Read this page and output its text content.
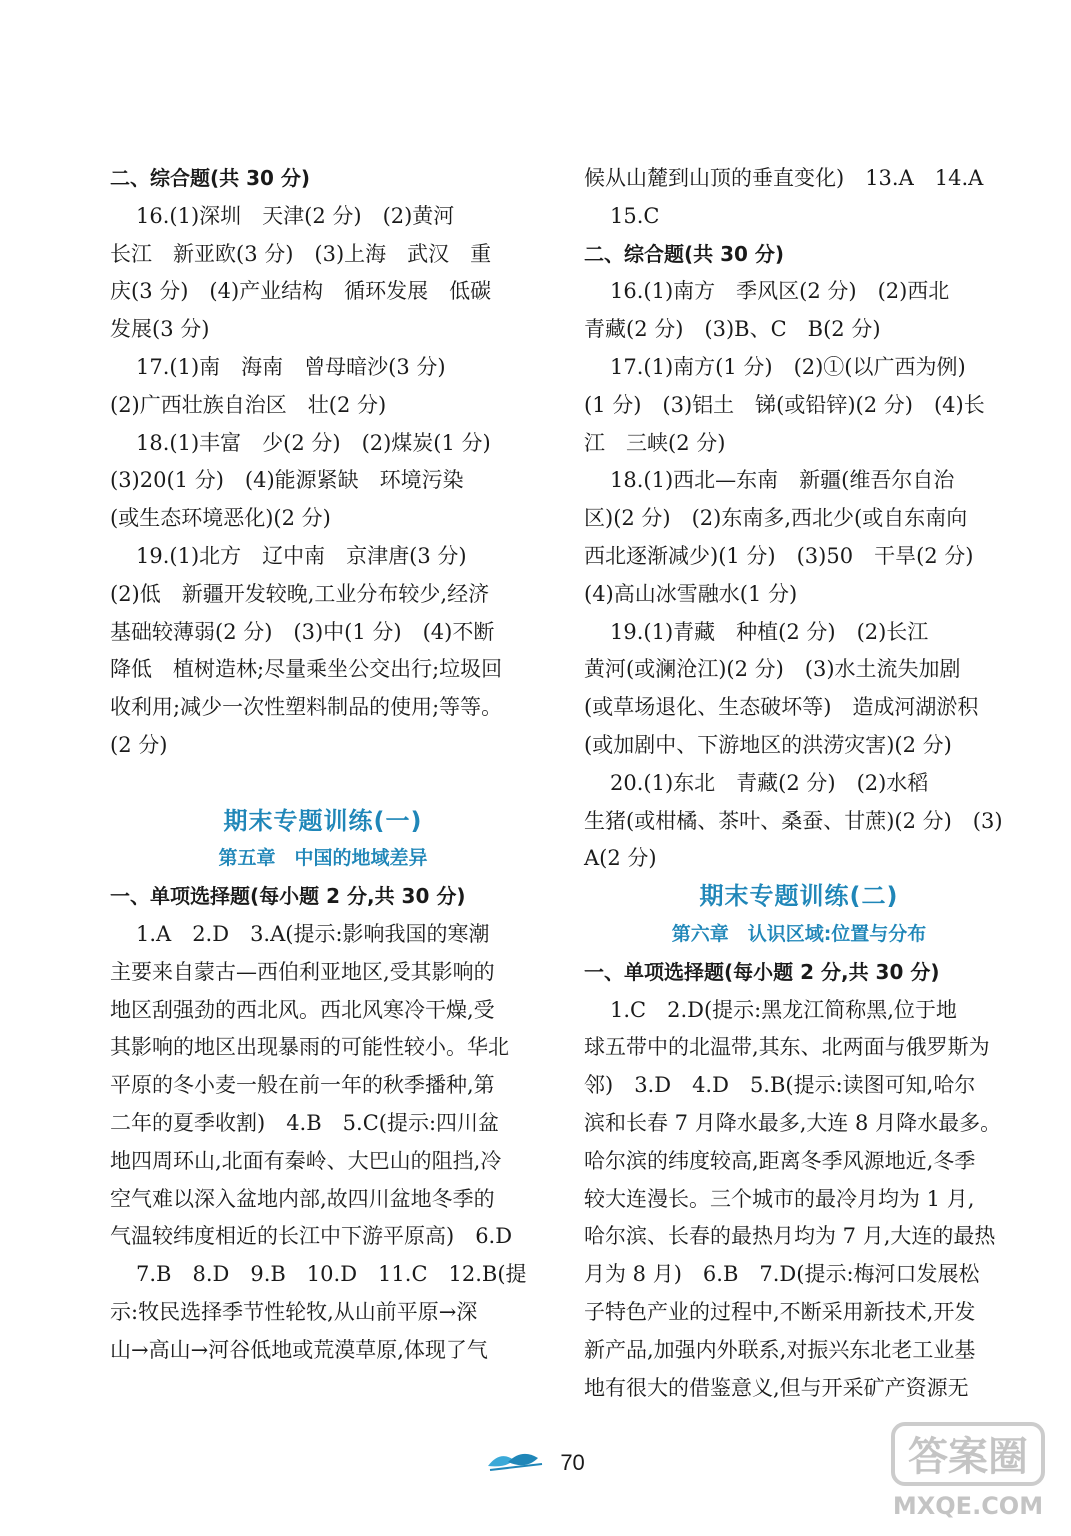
二、综合题(共 30 分)
16.(1)深圳　天津(2 分)　(2)黄河
长江　新亚欧(3 分)　(3)上海　武汉　重
庆(3 分)　(4)产业结构　循环发展　低碳
发展(3 分)
17.(1)南　海南　曾母暗沙(3 分)
(2)广西壮族自治区　壮(2 分)
18.(1)丰富　少(2 分)　(2)煤炭(1 分)
(3)20(1 分)　(4)能源紧缺　环境污染
(或生态环境恶化)(2 分)
19.(1)北方　辽中南　京津唐(3 分)
(2)低　新疆开发较晚,工业分布较少,经济
基础较薄弱(2 分)　(3)中(1 分)　(4)不断
降低　植树造林;尽量乘坐公交出行;垃圾回
收利用;减少一次性塑料制品的使用;等等。
(2 分)
期末专题训练(一)
第五章　中国的地域差异
一、单项选择题(每小题 2 分,共 30 分)
1.A　2.D　3.A(提示:影响我国的寒潮
主要来自蒙古—西伯利亚地区,受其影响的
地区刮强劲的西北风。西北风寒冷干燥,受
其影响的地区出现暴雨的可能性较小。华北
平原的冬小麦一般在前一年的秋季播种,第
二年的夏季收割)　4.B　5.C(提示:四川盆
地四周环山,北面有秦岭、大巴山的阻挡,冷
空气难以深入盆地内部,故四川盆地冬季的
气温较纬度相近的长江中下游平原高)　6.D
7.B　8.D　9.B　10.D　11.C　12.B(提
示:牧民选择季节性轮牧,从山前平原→深
山→高山→河谷低地或荒漠草原,体现了气
候从山麓到山顶的垂直变化)　13.A　14.A
15.C
二、综合题(共 30 分)
16.(1)南方　季风区(2 分)　(2)西北
青藏(2 分)　(3)B、C　B(2 分)
17.(1)南方(1 分)　(2)①(以广西为例)
(1 分)　(3)铝土　锑(或铅锌)(2 分)　(4)长
江　三峡(2 分)
18.(1)西北—东南　新疆(维吾尔自治
区)(2 分)　(2)东南多,西北少(或自东南向
西北逐渐减少)(1 分)　(3)50　干旱(2 分)
(4)高山冰雪融水(1 分)
19.(1)青藏　种植(2 分)　(2)长江
黄河(或澜沧江)(2 分)　(3)水土流失加剧
(或草场退化、生态破坏等)　造成河湖淤积
(或加剧中、下游地区的洪涝灾害)(2 分)
20.(1)东北　青藏(2 分)　(2)水稻
生猪(或柑橘、茶叶、桑蚕、甘蔗)(2 分)　(3)
A(2 分)
期末专题训练(二)
第六章　认识区域:位置与分布
一、单项选择题(每小题 2 分,共 30 分)
1.C　2.D(提示:黑龙江简称黑,位于地
球五带中的北温带,其东、北两面与俄罗斯为
邻)　3.D　4.D　5.B(提示:读图可知,哈尔
滨和长春 7 月降水最多,大连 8 月降水最多。
哈尔滨的纬度较高,距离冬季风源地近,冬季
较大连漫长。三个城市的最冷月均为 1 月,
哈尔滨、长春的最热月均为 7 月,大连的最热
月为 8 月)　6.B　7.D(提示:梅河口发展松
子特色产业的过程中,不断采用新技术,开发
新产品,加强内外联系,对振兴东北老工业基
地有很大的借鉴意义,但与开采矿产资源无
70	答案圈
MXQE.COM
